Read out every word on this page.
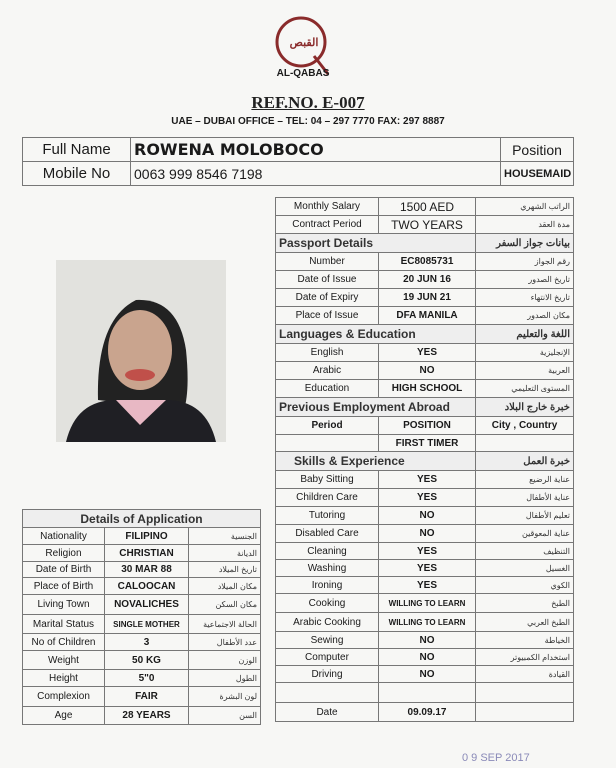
القبص
AL-QABAS
REF.NO. E-007
UAE – DUBAI OFFICE – TEL: 04 – 297 7770 FAX: 297 8887
Full Name	ROWENA MOLOBOCO	Position
Mobile No	0063 999 8546 7198	HOUSEMAID
Monthly Salary	1500 AED	الراتب الشهري
Contract Period	TWO YEARS	مدة العقد
Passport Details		بيانات جواز السفر
Number	EC8085731	رقم الجواز
Date of Issue	20 JUN 16	تاريخ الصدور
Date of Expiry	19 JUN 21	تاريخ الانتهاء
Place of Issue	DFA MANILA	مكان الصدور
Languages & Education		اللغة والتعليم
English	YES	الإنجليزية
Arabic	NO	العربية
Education	HIGH SCHOOL	المستوى التعليمي
Previous Employment Abroad		خبرة خارج البلاد
Period	POSITION	City , Country
	FIRST TIMER	
Skills & Experience		خبرة العمل
Baby Sitting	YES	عناية الرضيع
Children Care	YES	عناية الأطفال
Tutoring	NO	تعليم الأطفال
Disabled Care	NO	عناية المعوقين
Cleaning	YES	التنظيف
Washing	YES	الغسيل
Ironing	YES	الكوي
Cooking	WILLING TO LEARN	الطبخ
Arabic Cooking	WILLING TO LEARN	الطبخ العربي
Sewing	NO	الخياطة
Computer	NO	استخدام الكمبيوتر
Driving	NO	القيادة

Date	09.09.17	
Details of Application		
Nationality	FILIPINO	الجنسية
Religion	CHRISTIAN	الديانة
Date of Birth	30 MAR 88	تاريخ الميلاد
Place of Birth	CALOOCAN	مكان الميلاد
Living Town	NOVALICHES	مكان السكن
Marital Status	SINGLE MOTHER	الحالة الاجتماعية
No of Children	3	عدد الأطفال
Weight	50 KG	الوزن
Height	5"0	الطول
Complexion	FAIR	لون البشرة
Age	28 YEARS	السن
0 9 SEP 2017
